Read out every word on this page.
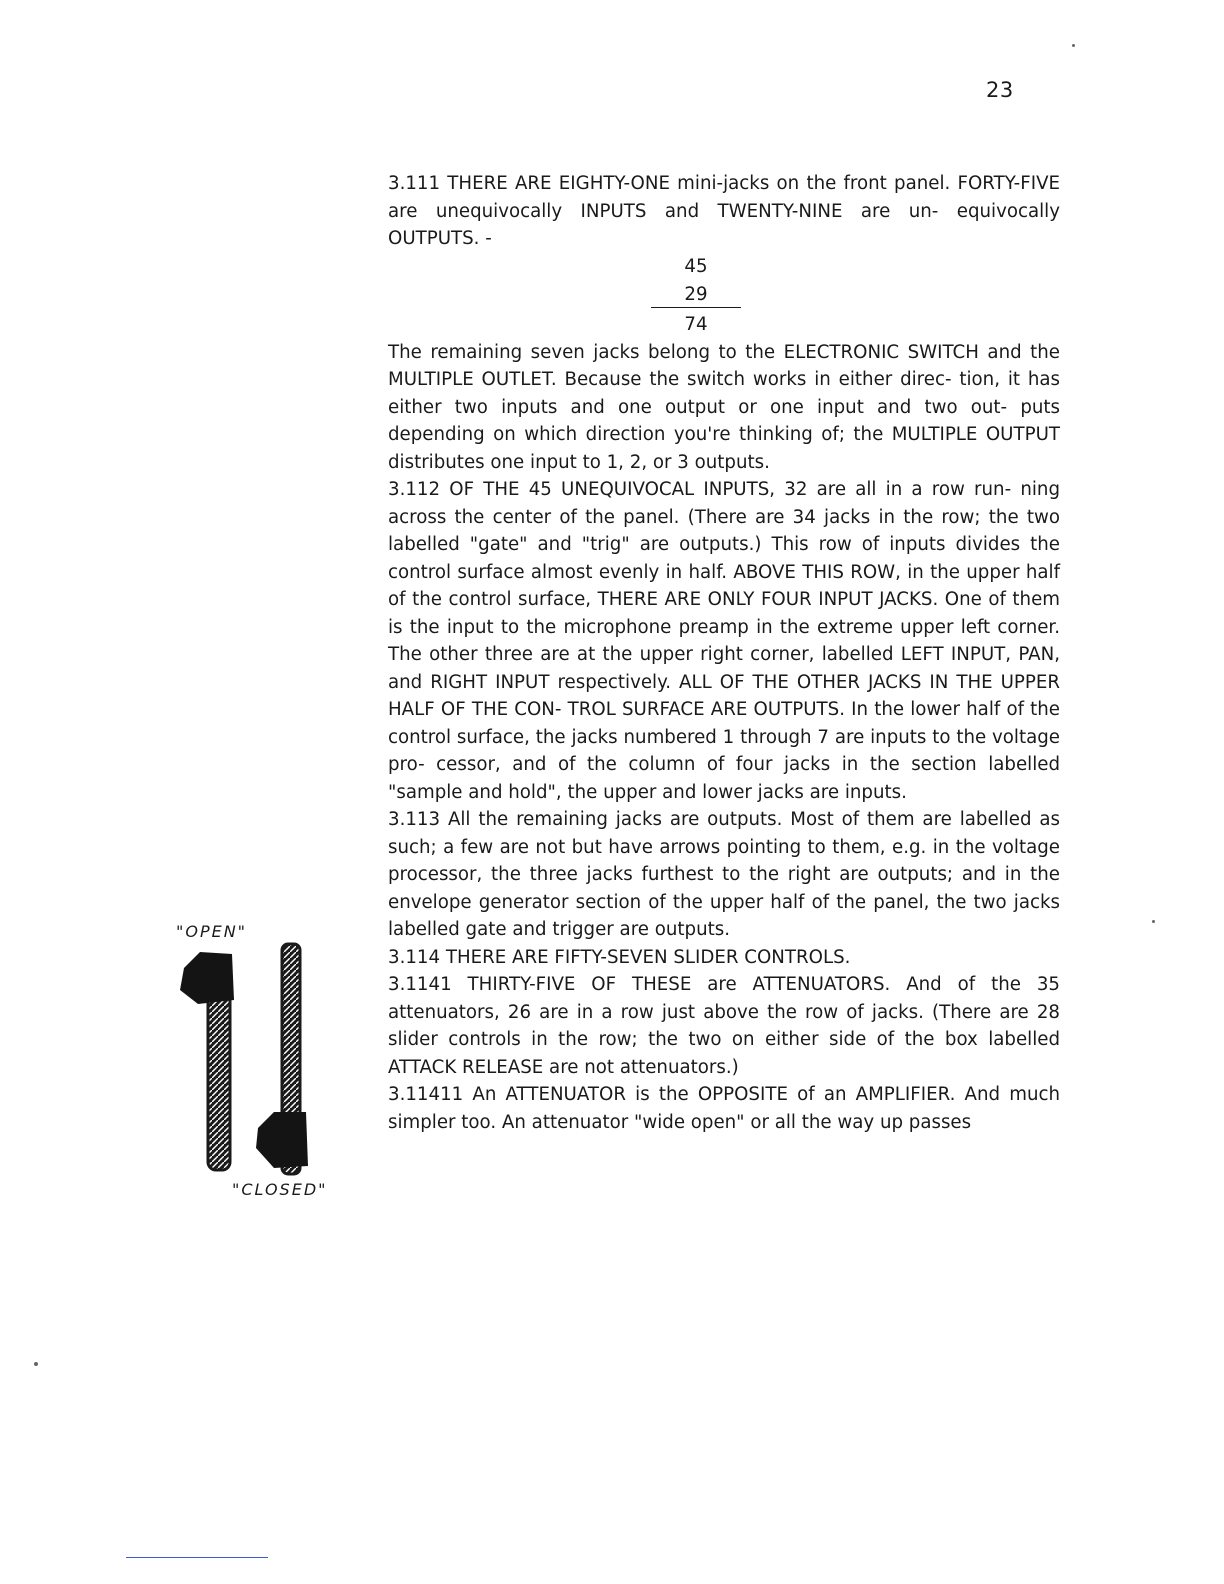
23

3.111 THERE ARE EIGHTY-ONE mini-jacks on the front panel. FORTY-FIVE are unequivocally INPUTS and TWENTY-NINE are un- equivocally OUTPUTS. -

45
29
74

The remaining seven jacks belong to the ELECTRONIC SWITCH and the MULTIPLE OUTLET. Because the switch works in either direc- tion, it has either two inputs and one output or one input and two out- puts depending on which direction you're thinking of; the MULTIPLE OUTPUT distributes one input to 1, 2, or 3 outputs.

3.112 OF THE 45 UNEQUIVOCAL INPUTS, 32 are all in a row run- ning across the center of the panel. (There are 34 jacks in the row; the two labelled "gate" and "trig" are outputs.) This row of inputs divides the control surface almost evenly in half. ABOVE THIS ROW, in the upper half of the control surface, THERE ARE ONLY FOUR INPUT JACKS. One of them is the input to the microphone preamp in the extreme upper left corner. The other three are at the upper right corner, labelled LEFT INPUT, PAN, and RIGHT INPUT respectively. ALL OF THE OTHER JACKS IN THE UPPER HALF OF THE CON- TROL SURFACE ARE OUTPUTS. In the lower half of the control surface, the jacks numbered 1 through 7 are inputs to the voltage pro- cessor, and of the column of four jacks in the section labelled "sample and hold", the upper and lower jacks are inputs.

3.113 All the remaining jacks are outputs. Most of them are labelled as such; a few are not but have arrows pointing to them, e.g. in the voltage processor, the three jacks furthest to the right are outputs; and in the envelope generator section of the upper half of the panel, the two jacks labelled gate and trigger are outputs.

3.114 THERE ARE FIFTY-SEVEN SLIDER CONTROLS.

3.1141 THIRTY-FIVE OF THESE are ATTENUATORS. And of the 35 attenuators, 26 are in a row just above the row of jacks. (There are 28 slider controls in the row; the two on either side of the box labelled ATTACK RELEASE are not attenuators.)

3.11411 An ATTENUATOR is the OPPOSITE of an AMPLIFIER. And much simpler too. An attenuator "wide open" or all the way up passes

"OPEN"
"CLOSED"
